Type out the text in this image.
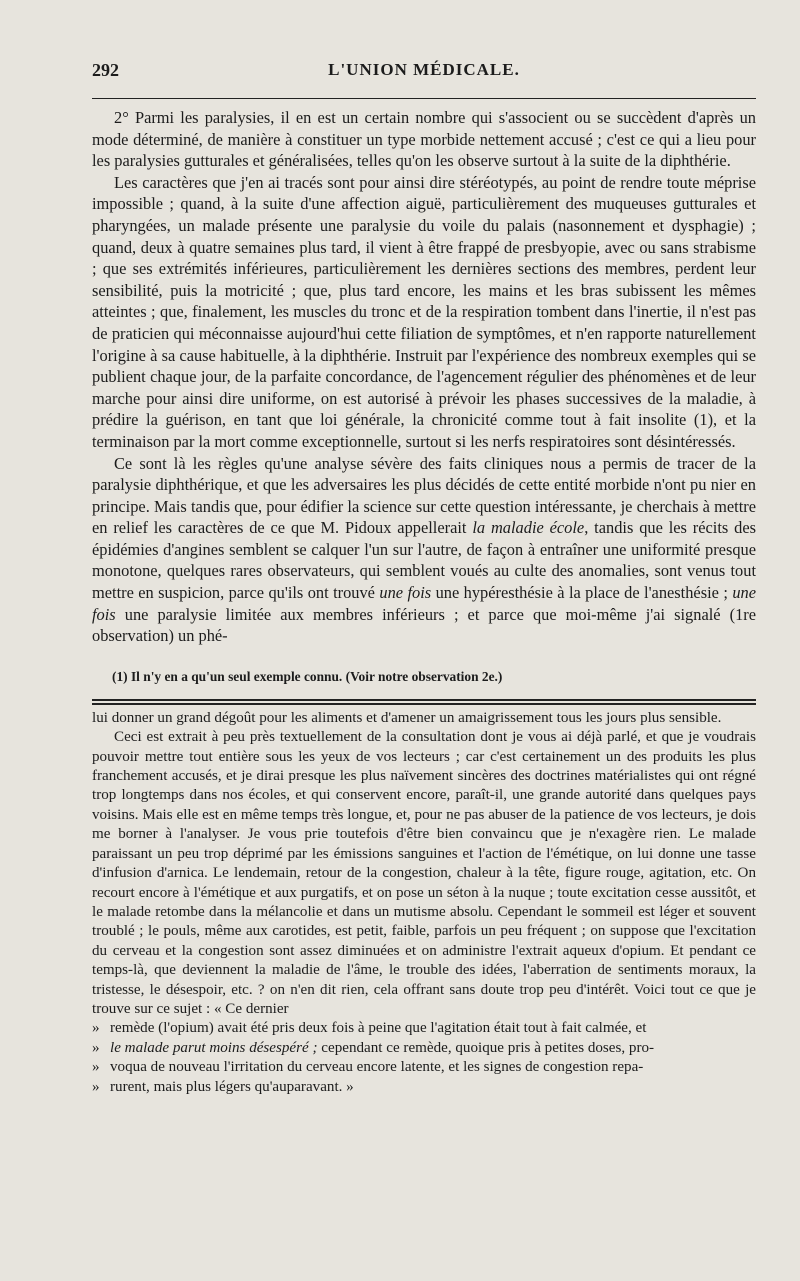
292	L'UNION MÉDICALE.

2° Parmi les paralysies, il en est un certain nombre qui s'associent ou se succèdent d'après un mode déterminé, de manière à constituer un type morbide nettement accusé ; c'est ce qui a lieu pour les paralysies gutturales et généralisées, telles qu'on les observe surtout à la suite de la diphthérie.

Les caractères que j'en ai tracés sont pour ainsi dire stéréotypés, au point de rendre toute méprise impossible ; quand, à la suite d'une affection aiguë, particulièrement des muqueuses gutturales et pharyngées, un malade présente une paralysie du voile du palais (nasonnement et dysphagie) ; quand, deux à quatre semaines plus tard, il vient à être frappé de presbyopie, avec ou sans strabisme ; que ses extrémités inférieures, particulièrement les dernières sections des membres, perdent leur sensibilité, puis la motricité ; que, plus tard encore, les mains et les bras subissent les mêmes atteintes ; que, finalement, les muscles du tronc et de la respiration tombent dans l'inertie, il n'est pas de praticien qui méconnaisse aujourd'hui cette filiation de symptômes, et n'en rapporte naturellement l'origine à sa cause habituelle, à la diphthérie. Instruit par l'expérience des nombreux exemples qui se publient chaque jour, de la parfaite concordance, de l'agencement régulier des phénomènes et de leur marche pour ainsi dire uniforme, on est autorisé à prévoir les phases successives de la maladie, à prédire la guérison, en tant que loi générale, la chronicité comme tout à fait insolite (1), et la terminaison par la mort comme exceptionnelle, surtout si les nerfs respiratoires sont désintéressés.

Ce sont là les règles qu'une analyse sévère des faits cliniques nous a permis de tracer de la paralysie diphthérique, et que les adversaires les plus décidés de cette entité morbide n'ont pu nier en principe. Mais tandis que, pour édifier la science sur cette question intéressante, je cherchais à mettre en relief les caractères de ce que M. Pidoux appellerait la maladie école, tandis que les récits des épidémies d'angines semblent se calquer l'un sur l'autre, de façon à entraîner une uniformité presque monotone, quelques rares observateurs, qui semblent voués au culte des anomalies, sont venus tout mettre en suspicion, parce qu'ils ont trouvé une fois une hypéresthésie à la place de l'anesthésie ; une fois une paralysie limitée aux membres inférieurs ; et parce que moi-même j'ai signalé (1re observation) un phé-

(1) Il n'y en a qu'un seul exemple connu. (Voir notre observation 2e.)

lui donner un grand dégoût pour les aliments et d'amener un amaigrissement tous les jours plus sensible.

Ceci est extrait à peu près textuellement de la consultation dont je vous ai déjà parlé, et que je voudrais pouvoir mettre tout entière sous les yeux de vos lecteurs ; car c'est certainement un des produits les plus franchement accusés, et je dirai presque les plus naïvement sincères des doctrines matérialistes qui ont régné trop longtemps dans nos écoles, et qui conservent encore, paraît-il, une grande autorité dans quelques pays voisins. Mais elle est en même temps très longue, et, pour ne pas abuser de la patience de vos lecteurs, je dois me borner à l'analyser. Je vous prie toutefois d'être bien convaincu que je n'exagère rien. Le malade paraissant un peu trop déprimé par les émissions sanguines et l'action de l'émétique, on lui donne une tasse d'infusion d'arnica. Le lendemain, retour de la congestion, chaleur à la tête, figure rouge, agitation, etc. On recourt encore à l'émétique et aux purgatifs, et on pose un séton à la nuque ; toute excitation cesse aussitôt, et le malade retombe dans la mélancolie et dans un mutisme absolu. Cependant le sommeil est léger et souvent troublé ; le pouls, même aux carotides, est petit, faible, parfois un peu fréquent ; on suppose que l'excitation du cerveau et la congestion sont assez diminuées et on administre l'extrait aqueux d'opium. Et pendant ce temps-là, que deviennent la maladie de l'âme, le trouble des idées, l'aberration de sentiments moraux, la tristesse, le désespoir, etc. ? on n'en dit rien, cela offrant sans doute trop peu d'intérêt. Voici tout ce que je trouve sur ce sujet : « Ce dernier

» remède (l'opium) avait été pris deux fois à peine que l'agitation était tout à fait calmée, et

» le malade parut moins désespéré ; cependant ce remède, quoique pris à petites doses, pro-

» voqua de nouveau l'irritation du cerveau encore latente, et les signes de congestion repa-

» rurent, mais plus légers qu'auparavant. »
